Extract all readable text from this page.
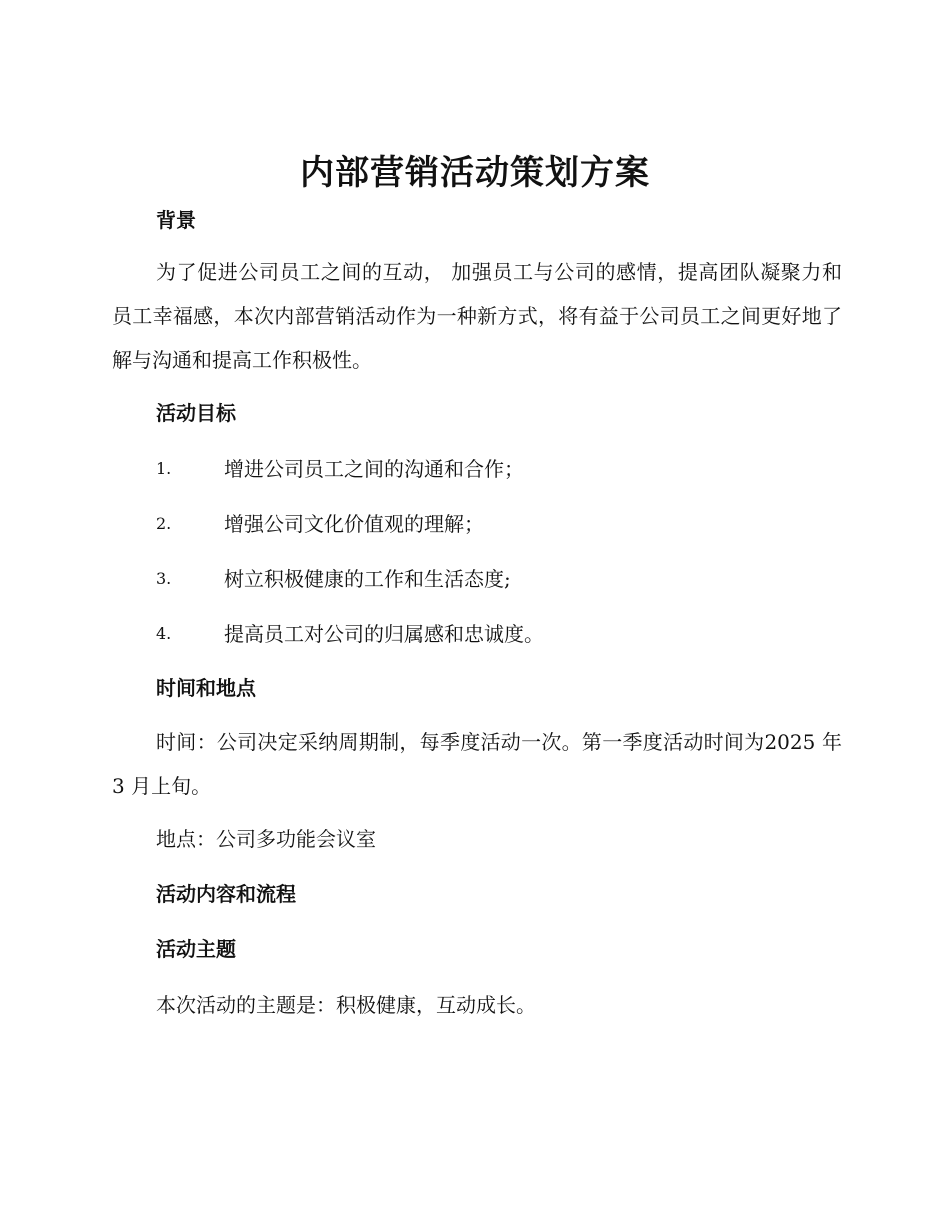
内部营销活动策划方案
背景
为了促进公司员工之间的互动， 加强员工与公司的感情，提高团队凝聚力和员工幸福感，本次内部营销活动作为一种新方式，将有益于公司员工之间更好地了解与沟通和提高工作积极性。
活动目标
1.	增进公司员工之间的沟通和合作；
2.	增强公司文化价值观的理解；
3.	树立积极健康的工作和生活态度;
4.	提高员工对公司的归属感和忠诚度。
时间和地点
时间：公司决定采纳周期制，每季度活动一次。第一季度活动时间为2025 年 3 月上旬。
地点：公司多功能会议室
活动内容和流程
活动主题
本次活动的主题是：积极健康，互动成长。
